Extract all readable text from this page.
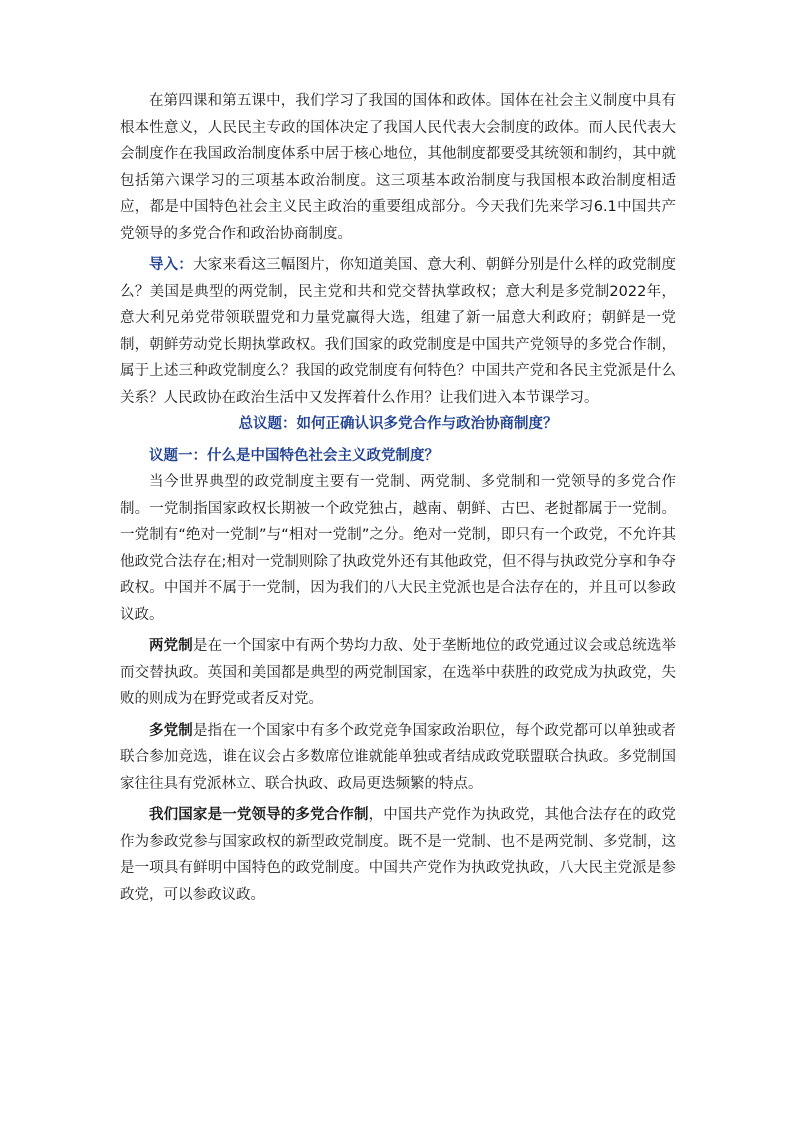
在第四课和第五课中，我们学习了我国的国体和政体。国体在社会主义制度中具有根本性意义，人民民主专政的国体决定了我国人民代表大会制度的政体。而人民代表大会制度作在我国政治制度体系中居于核心地位，其他制度都要受其统领和制约，其中就包括第六课学习的三项基本政治制度。这三项基本政治制度与我国根本政治制度相适应，都是中国特色社会主义民主政治的重要组成部分。今天我们先来学习6.1中国共产党领导的多党合作和政治协商制度。

导入：大家来看这三幅图片，你知道美国、意大利、朝鲜分别是什么样的政党制度么？美国是典型的两党制，民主党和共和党交替执掌政权；意大利是多党制2022年，意大利兄弟党带领联盟党和力量党赢得大选，组建了新一届意大利政府；朝鲜是一党制，朝鲜劳动党长期执掌政权。我们国家的政党制度是中国共产党领导的多党合作制，属于上述三种政党制度么？我国的政党制度有何特色？中国共产党和各民主党派是什么关系？人民政协在政治生活中又发挥着什么作用？让我们进入本节课学习。

总议题：如何正确认识多党合作与政治协商制度？

议题一：什么是中国特色社会主义政党制度？

当今世界典型的政党制度主要有一党制、两党制、多党制和一党领导的多党合作制。一党制指国家政权长期被一个政党独占，越南、朝鲜、古巴、老挝都属于一党制。一党制有“绝对一党制”与“相对一党制”之分。绝对一党制，即只有一个政党，不允许其他政党合法存在;相对一党制则除了执政党外还有其他政党，但不得与执政党分享和争夺政权。中国并不属于一党制，因为我们的八大民主党派也是合法存在的，并且可以参政议政。

两党制是在一个国家中有两个势均力敌、处于垄断地位的政党通过议会或总统选举而交替执政。英国和美国都是典型的两党制国家，在选举中获胜的政党成为执政党，失败的则成为在野党或者反对党。

多党制是指在一个国家中有多个政党竞争国家政治职位，每个政党都可以单独或者联合参加竞选，谁在议会占多数席位谁就能单独或者结成政党联盟联合执政。多党制国家往往具有党派林立、联合执政、政局更迭频繁的特点。

我们国家是一党领导的多党合作制，中国共产党作为执政党，其他合法存在的政党作为参政党参与国家政权的新型政党制度。既不是一党制、也不是两党制、多党制，这是一项具有鲜明中国特色的政党制度。中国共产党作为执政党执政，八大民主党派是参政党，可以参政议政。
